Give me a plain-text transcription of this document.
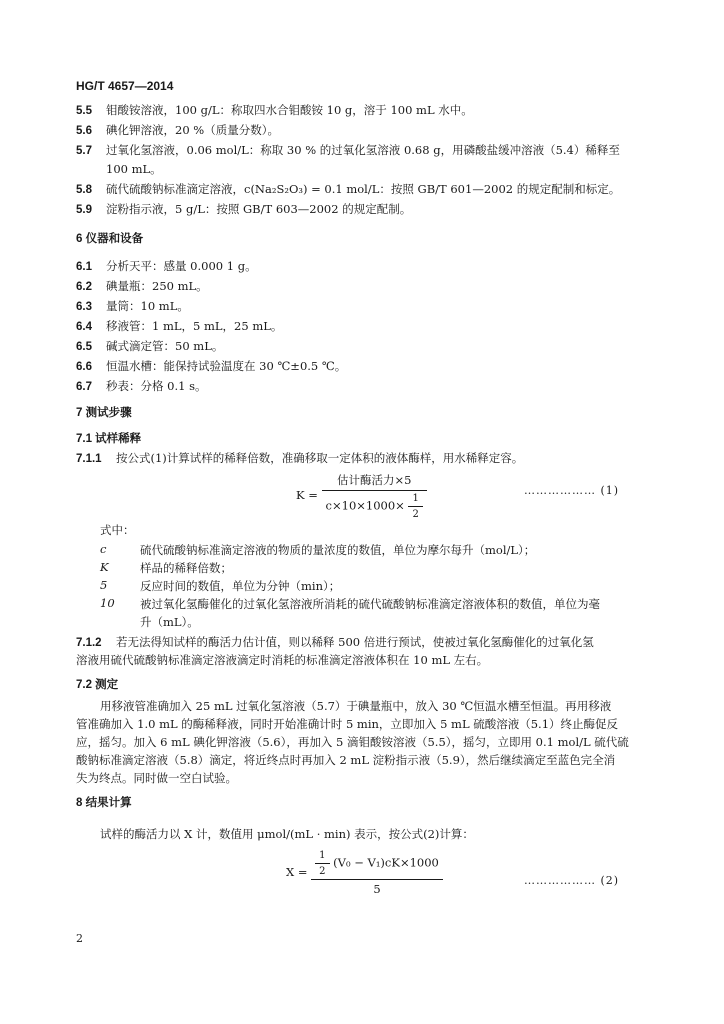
HG/T 4657—2014
5.5 钼酸铵溶液，100 g/L：称取四水合钼酸铵 10 g，溶于 100 mL 水中。
5.6 碘化钾溶液，20 %（质量分数）。
5.7 过氧化氢溶液，0.06 mol/L：称取 30 % 的过氧化氢溶液 0.68 g，用磷酸盐缓冲溶液（5.4）稀释至
100 mL。
5.8 硫代硫酸钠标准滴定溶液，c(Na₂S₂O₃) = 0.1 mol/L：按照 GB/T 601—2002 的规定配制和标定。
5.9 淀粉指示液，5 g/L：按照 GB/T 603—2002 的规定配制。
6 仪器和设备
6.1 分析天平：感量 0.000 1 g。
6.2 碘量瓶：250 mL。
6.3 量筒：10 mL。
6.4 移液管：1 mL，5 mL，25 mL。
6.5 碱式滴定管：50 mL。
6.6 恒温水槽：能保持试验温度在 30 ℃±0.5 ℃。
6.7 秒表：分格 0.1 s。
7 测试步骤
7.1 试样稀释
7.1.1 按公式(1)计算试样的稀释倍数，准确移取一定体积的液体酶样，用水稀释定容。
$K = \frac{\text{估计酶活力×5}}{c\times 10\times 1000\times \frac{1}{2}}$	……………… (1)
式中：
c	硫代硫酸钠标准滴定溶液的物质的量浓度的数值，单位为摩尔每升（mol/L）；
K	样品的稀释倍数；
5	反应时间的数值，单位为分钟（min）；
10	被过氧化氢酶催化的过氧化氢溶液所消耗的硫代硫酸钠标准滴定溶液体积的数值，单位为毫
升（mL）。
7.1.2 若无法得知试样的酶活力估计值，则以稀释 500 倍进行预试，使被过氧化氢酶催化的过氧化氢
溶液用硫代硫酸钠标准滴定溶液滴定时消耗的标准滴定溶液体积在 10 mL 左右。
7.2 测定
用移液管准确加入 25 mL 过氧化氢溶液（5.7）于碘量瓶中，放入 30 ℃恒温水槽至恒温。再用移液
管准确加入 1.0 mL 的酶稀释液，同时开始准确计时 5 min，立即加入 5 mL 硫酸溶液（5.1）终止酶促反
应，摇匀。加入 6 mL 碘化钾溶液（5.6），再加入 5 滴钼酸铵溶液（5.5），摇匀，立即用 0.1 mol/L 硫代硫
酸钠标准滴定溶液（5.8）滴定，将近终点时再加入 2 mL 淀粉指示液（5.9），然后继续滴定至蓝色完全消
失为终点。同时做一空白试验。
8 结果计算
试样的酶活力以 X 计，数值用 μmol/(mL · min) 表示，按公式(2)计算：
$X = \frac{\frac{1}{2} (V_0 - V_1)cK\times 1000}{5}$	……………… (2)
2
